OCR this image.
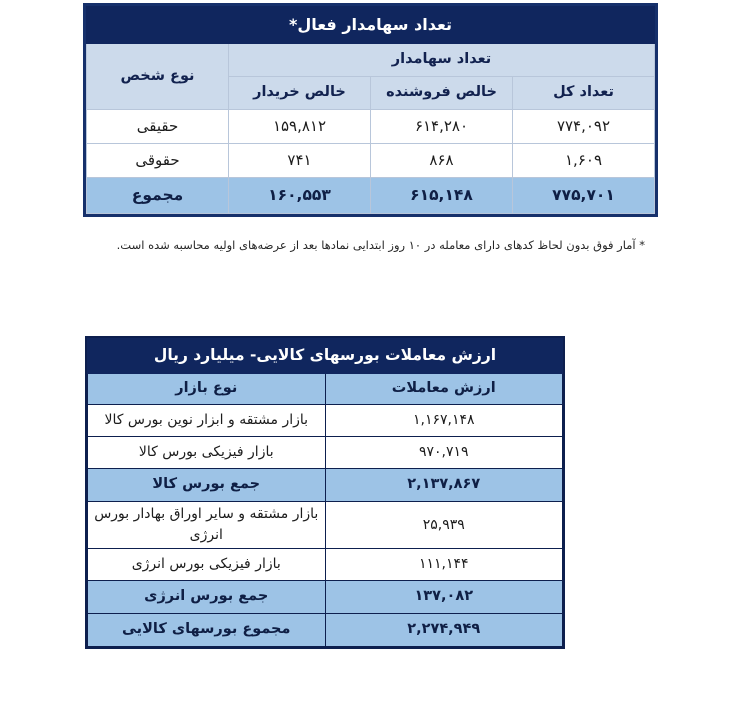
تعداد سهامدار فعال*			
تعداد سهامدار			نوع شخص
تعداد کل	خالص فروشنده	خالص خریدار	
۷۷۴,۰۹۲	۶۱۴,۲۸۰	۱۵۹,۸۱۲	حقیقی
۱,۶۰۹	۸۶۸	۷۴۱	حقوقی
۷۷۵,۷۰۱	۶۱۵,۱۴۸	۱۶۰,۵۵۳	مجموع
* آمار فوق بدون لحاظ کدهای دارای معامله در ۱۰ روز ابتدایی نمادها بعد از عرضه‌های اولیه محاسبه شده است.
ارزش معاملات بورسهای کالایی- میلیارد ریال	
ارزش معاملات	نوع بازار
۱,۱۶۷,۱۴۸	بازار مشتقه و ابزار نوین بورس کالا
۹۷۰,۷۱۹	بازار فیزیکی بورس کالا
۲,۱۳۷,۸۶۷	جمع بورس کالا
۲۵,۹۳۹	بازار مشتقه و سایر اوراق بهادار بورس انرژی
۱۱۱,۱۴۴	بازار فیزیکی بورس انرژی
۱۳۷,۰۸۲	جمع بورس انرژی
۲,۲۷۴,۹۴۹	مجموع بورسهای کالایی
